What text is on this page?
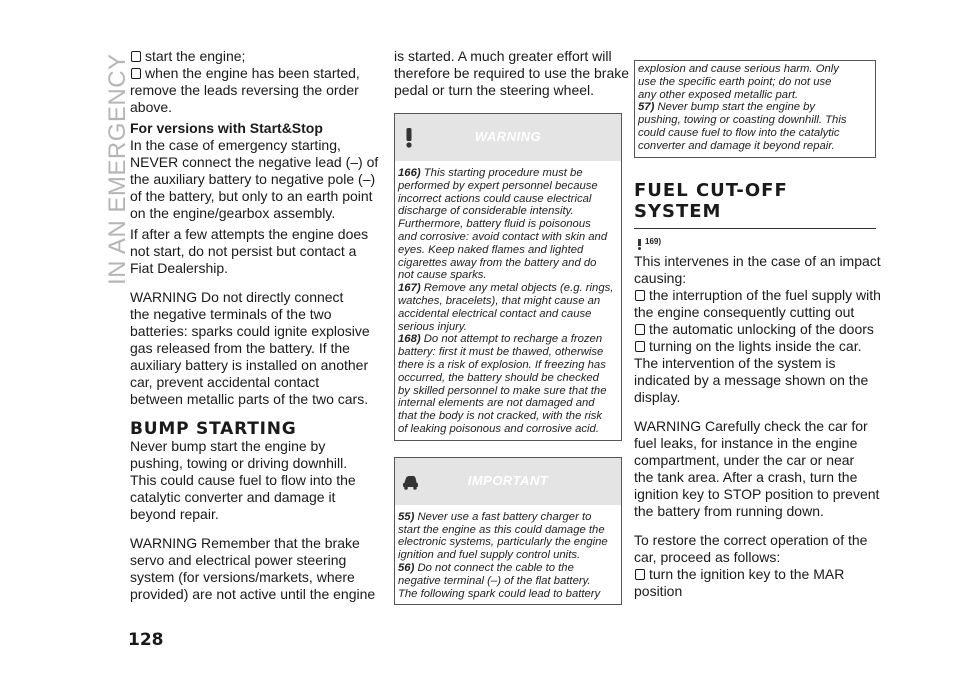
IN AN EMERGENCY	start the engine;
when the engine has been started,
remove the leads reversing the order
above.
For versions with Start&Stop
In the case of emergency starting,
NEVER connect the negative lead (–) of
the auxiliary battery to negative pole (–)
of the battery, but only to an earth point
on the engine/gearbox assembly.
If after a few attempts the engine does
not start, do not persist but contact a
Fiat Dealership.
WARNING Do not directly connect
the negative terminals of the two
batteries: sparks could ignite explosive
gas released from the battery. If the
auxiliary battery is installed on another
car, prevent accidental contact
between metallic parts of the two cars.
BUMP STARTING
Never bump start the engine by
pushing, towing or driving downhill.
This could cause fuel to flow into the
catalytic converter and damage it
beyond repair.
WARNING Remember that the brake
servo and electrical power steering
system (for versions/markets, where
provided) are not active until the engine
is started. A much greater effort will
therefore be required to use the brake
pedal or turn the steering wheel.
WARNING
166) This starting procedure must be
performed by expert personnel because
incorrect actions could cause electrical
discharge of considerable intensity.
Furthermore, battery fluid is poisonous
and corrosive: avoid contact with skin and
eyes. Keep naked flames and lighted
cigarettes away from the battery and do
not cause sparks.
167) Remove any metal objects (e.g. rings,
watches, bracelets), that might cause an
accidental electrical contact and cause
serious injury.
168) Do not attempt to recharge a frozen
battery: first it must be thawed, otherwise
there is a risk of explosion. If freezing has
occurred, the battery should be checked
by skilled personnel to make sure that the
internal elements are not damaged and
that the body is not cracked, with the risk
of leaking poisonous and corrosive acid.
IMPORTANT
55) Never use a fast battery charger to
start the engine as this could damage the
electronic systems, particularly the engine
ignition and fuel supply control units.
56) Do not connect the cable to the
negative terminal (–) of the flat battery.
The following spark could lead to battery
explosion and cause serious harm. Only
use the specific earth point; do not use
any other exposed metallic part.
57) Never bump start the engine by
pushing, towing or coasting downhill. This
could cause fuel to flow into the catalytic
converter and damage it beyond repair.
FUEL CUT-OFF
SYSTEM
$^{169)}$
This intervenes in the case of an impact
causing:
the interruption of the fuel supply with
the engine consequently cutting out
the automatic unlocking of the doors
turning on the lights inside the car.
The intervention of the system is
indicated by a message shown on the
display.
WARNING Carefully check the car for
fuel leaks, for instance in the engine
compartment, under the car or near
the tank area. After a crash, turn the
ignition key to STOP position to prevent
the battery from running down.
To restore the correct operation of the
car, proceed as follows:
turn the ignition key to the MAR
position
128
